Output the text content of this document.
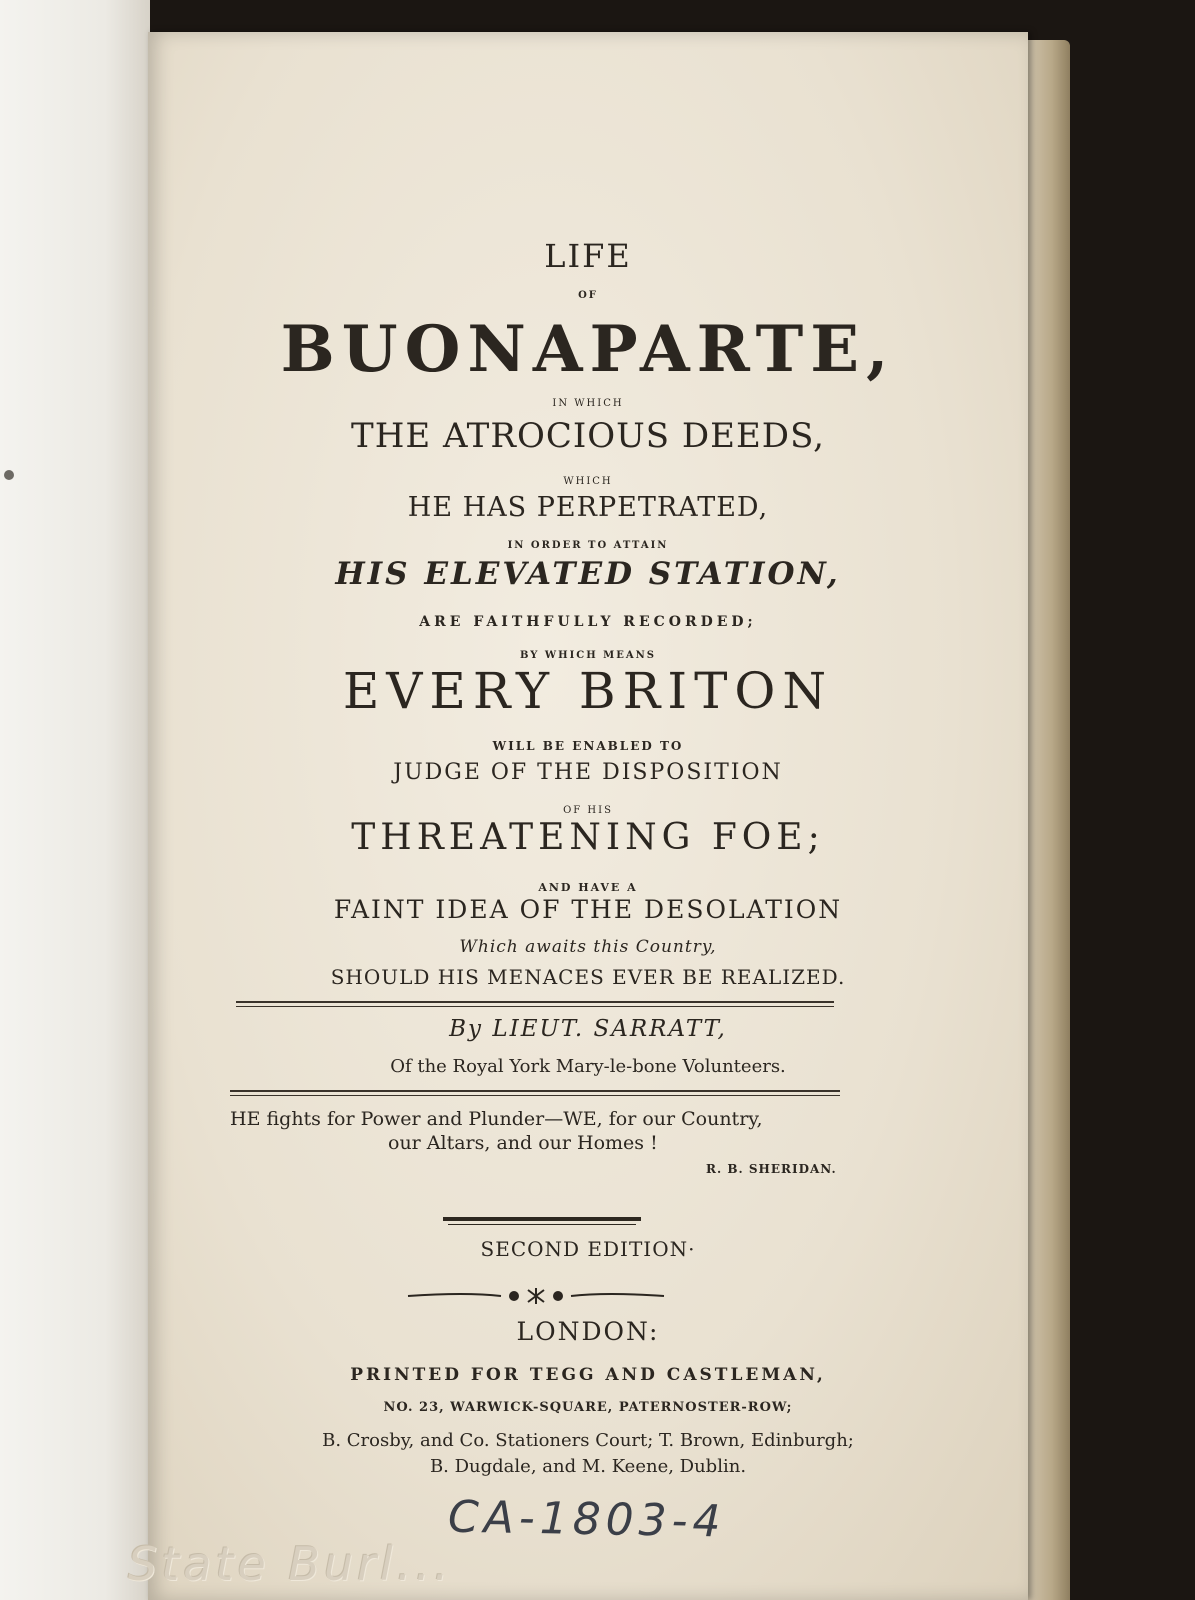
LIFE
OF
BUONAPARTE,
IN WHICH
THE ATROCIOUS DEEDS,
WHICH
HE HAS PERPETRATED,
IN ORDER TO ATTAIN
HIS ELEVATED STATION,
ARE FAITHFULLY RECORDED;
BY WHICH MEANS
EVERY BRITON
WILL BE ENABLED TO
JUDGE OF THE DISPOSITION
OF HIS
THREATENING FOE;
AND HAVE A
FAINT IDEA OF THE DESOLATION
Which awaits this Country,
SHOULD HIS MENACES EVER BE REALIZED.
By LIEUT. SARRATT,
Of the Royal York Mary-le-bone Volunteers.
HE fights for Power and Plunder—WE, for our Country,
our Altars, and our Homes !
R. B. SHERIDAN.
SECOND EDITION·
LONDON:
PRINTED FOR TEGG AND CASTLEMAN,
NO. 23, WARWICK-SQUARE, PATERNOSTER-ROW;
B. Crosby, and Co. Stationers Court; T. Brown, Edinburgh;
B. Dugdale, and M. Keene, Dublin.
CA-1803-4
State Burl...
